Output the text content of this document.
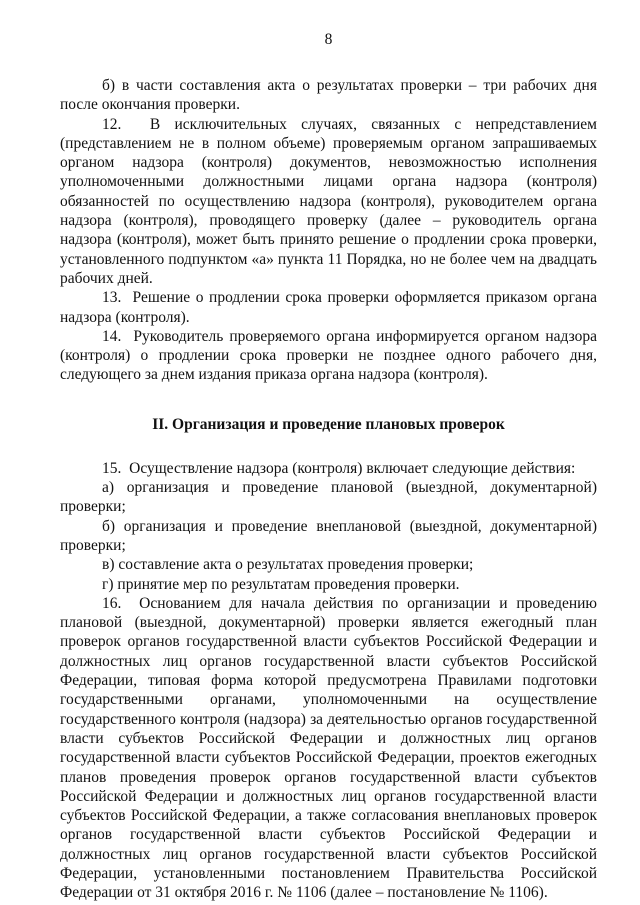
8

б) в части составления акта о результатах проверки – три рабочих дня после окончания проверки.

12.  В исключительных случаях, связанных с непредставлением (представлением не в полном объеме) проверяемым органом запрашиваемых органом надзора (контроля) документов, невозможностью исполнения уполномоченными должностными лицами органа надзора (контроля) обязанностей по осуществлению надзора (контроля), руководителем органа надзора (контроля), проводящего проверку (далее – руководитель органа надзора (контроля), может быть принято решение о продлении срока проверки, установленного подпунктом «а» пункта 11 Порядка, но не более чем на двадцать рабочих дней.

13.  Решение о продлении срока проверки оформляется приказом органа надзора (контроля).

14.  Руководитель проверяемого органа информируется органом надзора (контроля) о продлении срока проверки не позднее одного рабочего дня, следующего за днем издания приказа органа надзора (контроля).

II. Организация и проведение плановых проверок

15.  Осуществление надзора (контроля) включает следующие действия:

а) организация и проведение плановой (выездной, документарной) проверки;

б) организация и проведение внеплановой (выездной, документарной) проверки;

в) составление акта о результатах проведения проверки;

г) принятие мер по результатам проведения проверки.

16.  Основанием для начала действия по организации и проведению плановой (выездной, документарной) проверки является ежегодный план проверок органов государственной власти субъектов Российской Федерации и должностных лиц органов государственной власти субъектов Российской Федерации, типовая форма которой предусмотрена Правилами подготовки государственными органами, уполномоченными на осуществление государственного контроля (надзора) за деятельностью органов государственной власти субъектов Российской Федерации и должностных лиц органов государственной власти субъектов Российской Федерации, проектов ежегодных планов проведения проверок органов государственной власти субъектов Российской Федерации и должностных лиц органов государственной власти субъектов Российской Федерации, а также согласования внеплановых проверок органов государственной власти субъектов Российской Федерации и должностных лиц органов государственной власти субъектов Российской Федерации, установленными постановлением Правительства Российской Федерации от 31 октября 2016 г. № 1106 (далее – постановление № 1106).
